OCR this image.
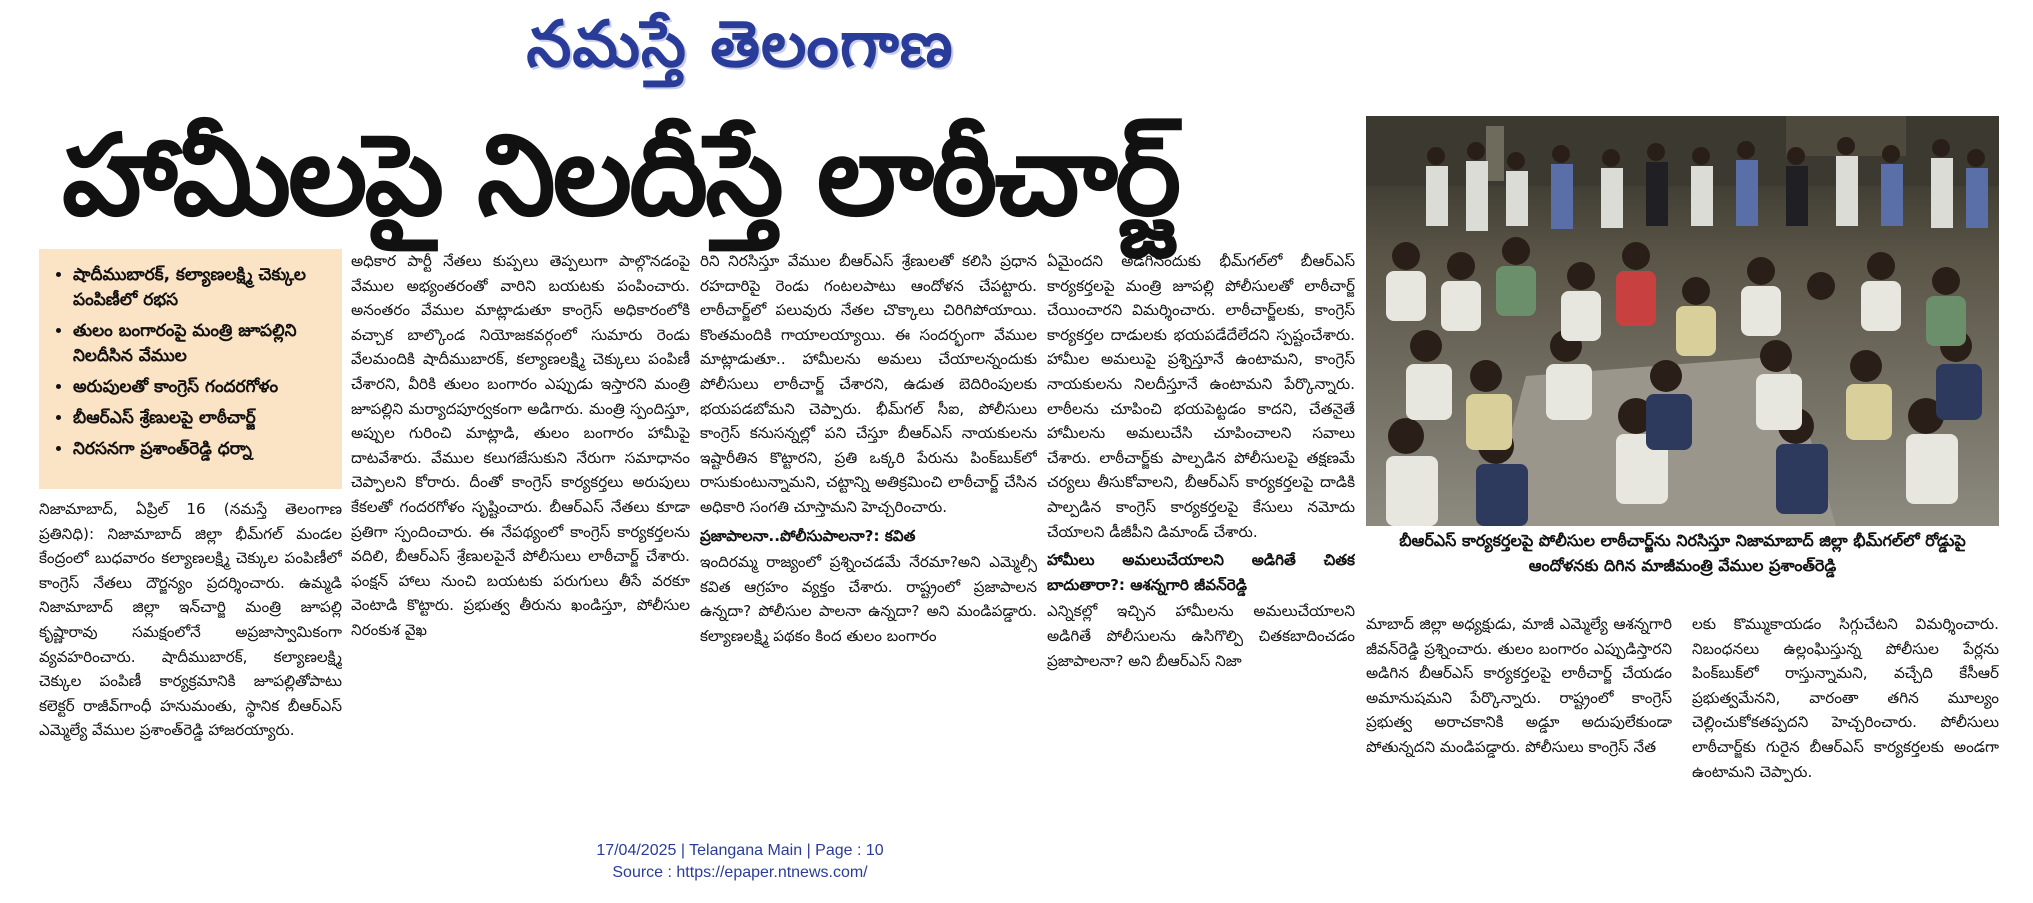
నమస్తే తెలంగాణ
హామీలపై నిలదీస్తే లాఠీచార్జ్
• షాదీముబారక్, కల్యాణలక్ష్మి చెక్కుల పంపిణీలో రభస
• తులం బంగారంపై మంత్రి జూపల్లిని నిలదీసిన వేముల
• అరుపులతో కాంగ్రెస్ గందరగోళం
• బీఆర్ఎస్ శ్రేణులపై లాఠీచార్జ్
• నిరసనగా ప్రశాంత్‌రెడ్డి ధర్నా

నిజామాబాద్, ఏప్రిల్ 16 (నమస్తే తెలంగాణ ప్రతినిధి): నిజామాబాద్ జిల్లా భీమ్‌గల్ మండల కేంద్రంలో బుధవారం కల్యాణలక్ష్మి చెక్కుల పంపిణీలో కాంగ్రెస్ నేతలు దౌర్జన్యం ప్రదర్శించారు. ఉమ్మడి నిజామాబాద్ జిల్లా ఇన్‌చార్జి మంత్రి జూపల్లి కృష్ణారావు సమక్షంలోనే అప్రజాస్వామికంగా వ్యవహరించారు. షాదీముబారక్, కల్యాణలక్ష్మి చెక్కుల పంపిణీ కార్యక్రమానికి జూపల్లితోపాటు కలెక్టర్ రాజీవ్‌గాంధీ హనుమంతు, స్థానిక బీఆర్ఎస్ ఎమ్మెల్యే వేముల ప్రశాంత్‌రెడ్డి హాజరయ్యారు.

అధికార పార్టీ నేతలు కుప్పలు తెప్పలుగా పాల్గొనడంపై వేముల అభ్యంతరంతో వారిని బయటకు పంపించారు. అనంతరం వేముల మాట్లాడుతూ కాంగ్రెస్ అధికారంలోకి వచ్చాక బాల్కొండ నియోజకవర్గంలో సుమారు రెండు వేలమందికి షాదీముబారక్, కల్యాణలక్ష్మి చెక్కులు పంపిణీ చేశారని, వీరికి తులం బంగారం ఎప్పుడు ఇస్తారని మంత్రి జూపల్లిని మర్యాదపూర్వకంగా అడిగారు. మంత్రి స్పందిస్తూ, అప్పుల గురించి మాట్లాడి, తులం బంగారం హామీపై దాటవేశారు. వేముల కలుగజేసుకుని నేరుగా సమాధానం చెప్పాలని కోరారు. దీంతో కాంగ్రెస్ కార్యకర్తలు అరుపులు కేకలతో గందరగోళం సృష్టించారు. బీఆర్ఎస్ నేతలు కూడా ప్రతిగా స్పందించారు. ఈ నేపథ్యంలో కాంగ్రెస్ కార్యకర్తలను వదిలి, బీఆర్ఎస్ శ్రేణులపైనే పోలీసులు లాఠీచార్జ్ చేశారు. ఫంక్షన్ హాలు నుంచి బయటకు పరుగులు తీసే వరకూ వెంటాడి కొట్టారు. ప్రభుత్వ తీరును ఖండిస్తూ, పోలీసుల నిరంకుశ వైఖ

రిని నిరసిస్తూ వేముల బీఆర్ఎస్ శ్రేణులతో కలిసి ప్రధాన రహదారిపై రెండు గంటలపాటు ఆందోళన చేపట్టారు. లాఠీచార్జ్‌లో పలువురు నేతల చొక్కాలు చిరిగిపోయాయి. కొంతమందికి గాయాలయ్యాయి. ఈ సందర్భంగా వేముల మాట్లాడుతూ.. హామీలను అమలు చేయాలన్నందుకు పోలీసులు లాఠీచార్జ్ చేశారని, ఉడుత బెదిరింపులకు భయపడబోమని చెప్పారు. భీమ్‌గల్ సీఐ, పోలీసులు కాంగ్రెస్ కనుసన్నల్లో పని చేస్తూ బీఆర్ఎస్ నాయకులను ఇష్టారీతిన కొట్టారని, ప్రతి ఒక్కరి పేరును పింక్‌బుక్‌లో రాసుకుంటున్నామని, చట్టాన్ని అతిక్రమించి లాఠీచార్జ్ చేసిన అధికారి సంగతి చూస్తామని హెచ్చరించారు.

ప్రజాపాలనా..పోలీసుపాలనా?: కవిత

ఇందిరమ్మ రాజ్యంలో ప్రశ్నించడమే నేరమా?అని ఎమ్మెల్సీ కవిత ఆగ్రహం వ్యక్తం చేశారు. రాష్ట్రంలో ప్రజాపాలన ఉన్నదా? పోలీసుల పాలనా ఉన్నదా? అని మండిపడ్డారు. కల్యాణలక్ష్మి పథకం కింద తులం బంగారం

ఏమైందని అడిగినందుకు భీమ్‌గల్‌లో బీఆర్ఎస్ కార్యకర్తలపై మంత్రి జూపల్లి పోలీసులతో లాఠీచార్జ్ చేయించారని విమర్శించారు. లాఠీచార్జ్‌లకు, కాంగ్రెస్ కార్యకర్తల దాడులకు భయపడేదేలేదని స్పష్టంచేశారు. హామీల అమలుపై ప్రశ్నిస్తూనే ఉంటామని, కాంగ్రెస్ నాయకులను నిలదీస్తూనే ఉంటామని పేర్కొన్నారు. లాఠీలను చూపించి భయపెట్టడం కాదని, చేతనైతే హామీలను అమలుచేసి చూపించాలని సవాలు చేశారు. లాఠీచార్జ్‌కు పాల్పడిన పోలీసులపై తక్షణమే చర్యలు తీసుకోవాలని, బీఆర్ఎస్ కార్యకర్తలపై దాడికి పాల్పడిన కాంగ్రెస్ కార్యకర్తలపై కేసులు నమోదు చేయాలని డీజీపీని డిమాండ్ చేశారు.

హామీలు అమలుచేయాలని అడిగితే చితక బాదుతారా?: ఆశన్నగారి జీవన్‌రెడ్డి

ఎన్నికల్లో ఇచ్చిన హామీలను అమలుచేయాలని అడిగితే పోలీసులను ఉసిగొల్పి చితకబాదించడం ప్రజాపాలనా? అని బీఆర్ఎస్ నిజా

బీఆర్ఎస్ కార్యకర్తలపై పోలీసుల లాఠీచార్జ్‌ను నిరసిస్తూ నిజామాబాద్ జిల్లా భీమ్‌గల్‌లో రోడ్డుపై ఆందోళనకు దిగిన మాజీమంత్రి వేముల ప్రశాంత్‌రెడ్డి

మాబాద్ జిల్లా అధ్యక్షుడు, మాజీ ఎమ్మెల్యే ఆశన్నగారి జీవన్‌రెడ్డి ప్రశ్నించారు. తులం బంగారం ఎప్పుడిస్తారని అడిగిన బీఆర్ఎస్ కార్యకర్తలపై లాఠీచార్జ్ చేయడం అమానుషమని పేర్కొన్నారు. రాష్ట్రంలో కాంగ్రెస్ ప్రభుత్వ అరాచకానికి అడ్డూ అదుపులేకుండా పోతున్నదని మండిపడ్డారు. పోలీసులు కాంగ్రెస్ నేత

లకు కొమ్ముకాయడం సిగ్గుచేటని విమర్శించారు. నిబంధనలు ఉల్లంఘిస్తున్న పోలీసుల పేర్లను పింక్‌బుక్‌లో రాస్తున్నామని, వచ్చేది కేసీఆర్ ప్రభుత్వమేనని, వారంతా తగిన మూల్యం చెల్లించుకోకతప్పదని హెచ్చరించారు. పోలీసులు లాఠీచార్జ్‌కు గురైన బీఆర్ఎస్ కార్యకర్తలకు అండగా ఉంటామని చెప్పారు.

17/04/2025 | Telangana Main | Page : 10
Source : https://epaper.ntnews.com/
